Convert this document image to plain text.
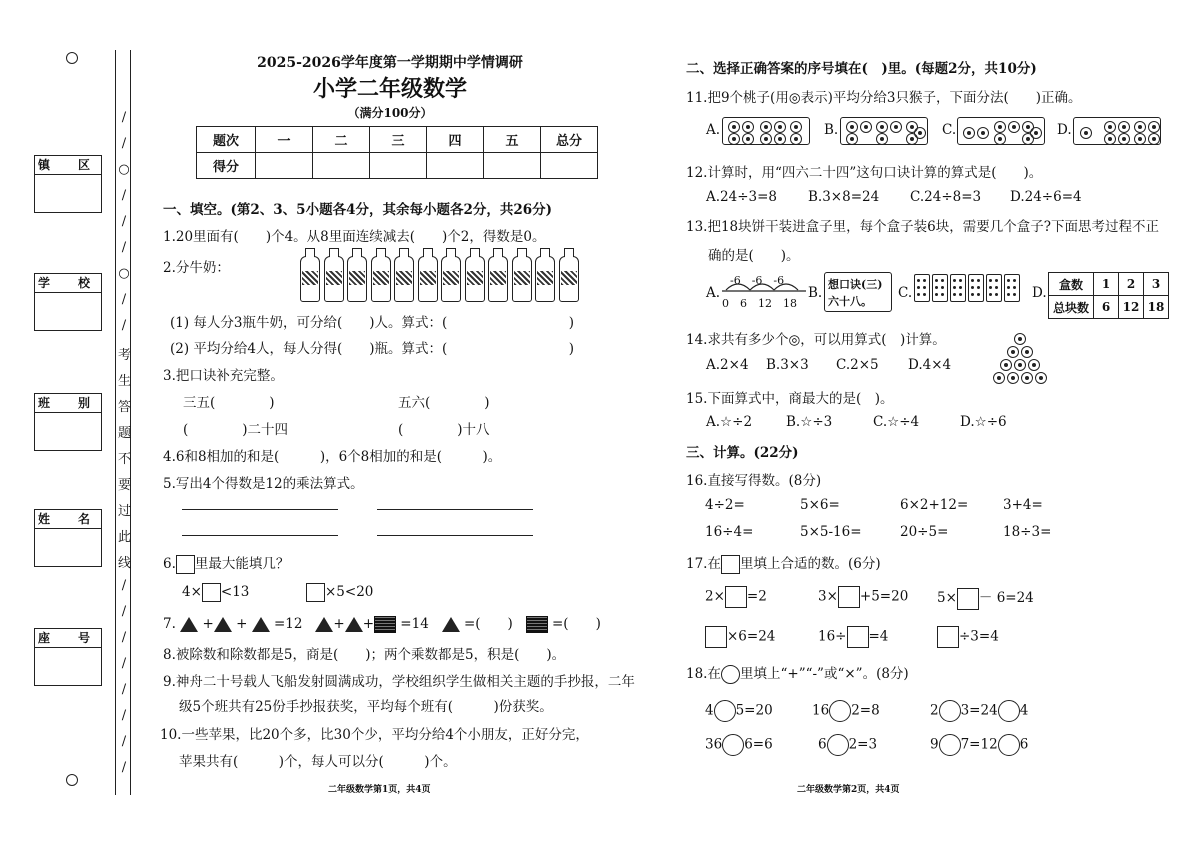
/
/
○
/
/
/
○
/
/
考
生
答
题
不
要
过
此
线
/
/
/
/
/
/
/
/
镇　区
学　校
班　别
姓　名
座　号
2025-2026学年度第一学期期中学情调研
小学二年级数学
（满分100分）
题次	一	二	三	四	五	总分
得分						
一、填空。(第2、3、5小题各4分，其余每小题各2分，共26分)
1.20里面有(　　)个4。从8里面连续减去(　　)个2，得数是0。
2.分牛奶：
(1) 每人分3瓶牛奶，可分给(　　)人。算式：(　　　　　　　　　)
(2) 平均分给4人，每人分得(　　)瓶。算式：(　　　　　　　　　)
3.把口诀补充完整。
三五(　　　　)	五六(　　　　)
(　　　　)二十四	(　　　　)十八
4.6和8相加的和是(　　　)，6个8相加的和是(　　　)。
5.写出4个得数是12的乘法算式。
6. 里最大能填几？
4× <13	×5<20
7.  + +  =12 + + =14	=(　　)	=(　　)
8.被除数和除数都是5，商是(　　)；两个乘数都是5，积是(　　)。
9.神舟二十号载人飞船发射圆满成功，学校组织学生做相关主题的手抄报，二年
级5个班共有25份手抄报获奖，平均每个班有(　　　)份获奖。
10.一些苹果，比20个多，比30个少，平均分给4个小朋友，正好分完，
苹果共有(　　　)个，每人可以分(　　　)个。
二年级数学第1页，共4页
二、选择正确答案的序号填在(　)里。(每题2分，共10分)
11.把9个桃子(用◎表示)平均分给3只猴子，下面分法(　　)正确。
A.	B.	C.	D.
12.计算时，用“四六二十四”这句口诀计算的算式是(　　)。
A.24÷3=8 B.3×8=24 C.24÷8=3 D.24÷6=4
13.把18块饼干装进盒子里，每个盒子装6块，需要几个盒子?下面思考过程不正
确的是(　　)。
A.
-6　-6　-6
0　6　12　18
B.
想口诀(三)
六十八。
C.	D.
盒数	1	2	3
总块数	6	12	18
14.求共有多少个◎，可以用算式(　)计算。
A.2×4 B.3×3 C.2×5 D.4×4
15.下面算式中，商最大的是(　)。
A.☆÷2	B.☆÷3	C.☆÷4	D.☆÷6
三、计算。(22分)
16.直接写得数。(8分)
4÷2=	5×6=	6×2+12=	3+4=
16÷4=	5×5-16=	20÷5=	18÷3=
17.在 里填上合适的数。(6分)
2× =2	3× +5=20 5× － 6=24
×6=24	16÷ =4	÷3=4
18.在 里填上“+”“-”或“×”。(8分)
4 5=20	16 2=8	2 3=24 4
36 6=6	6 2=3	9 7=12 6
二年级数学第2页，共4页
